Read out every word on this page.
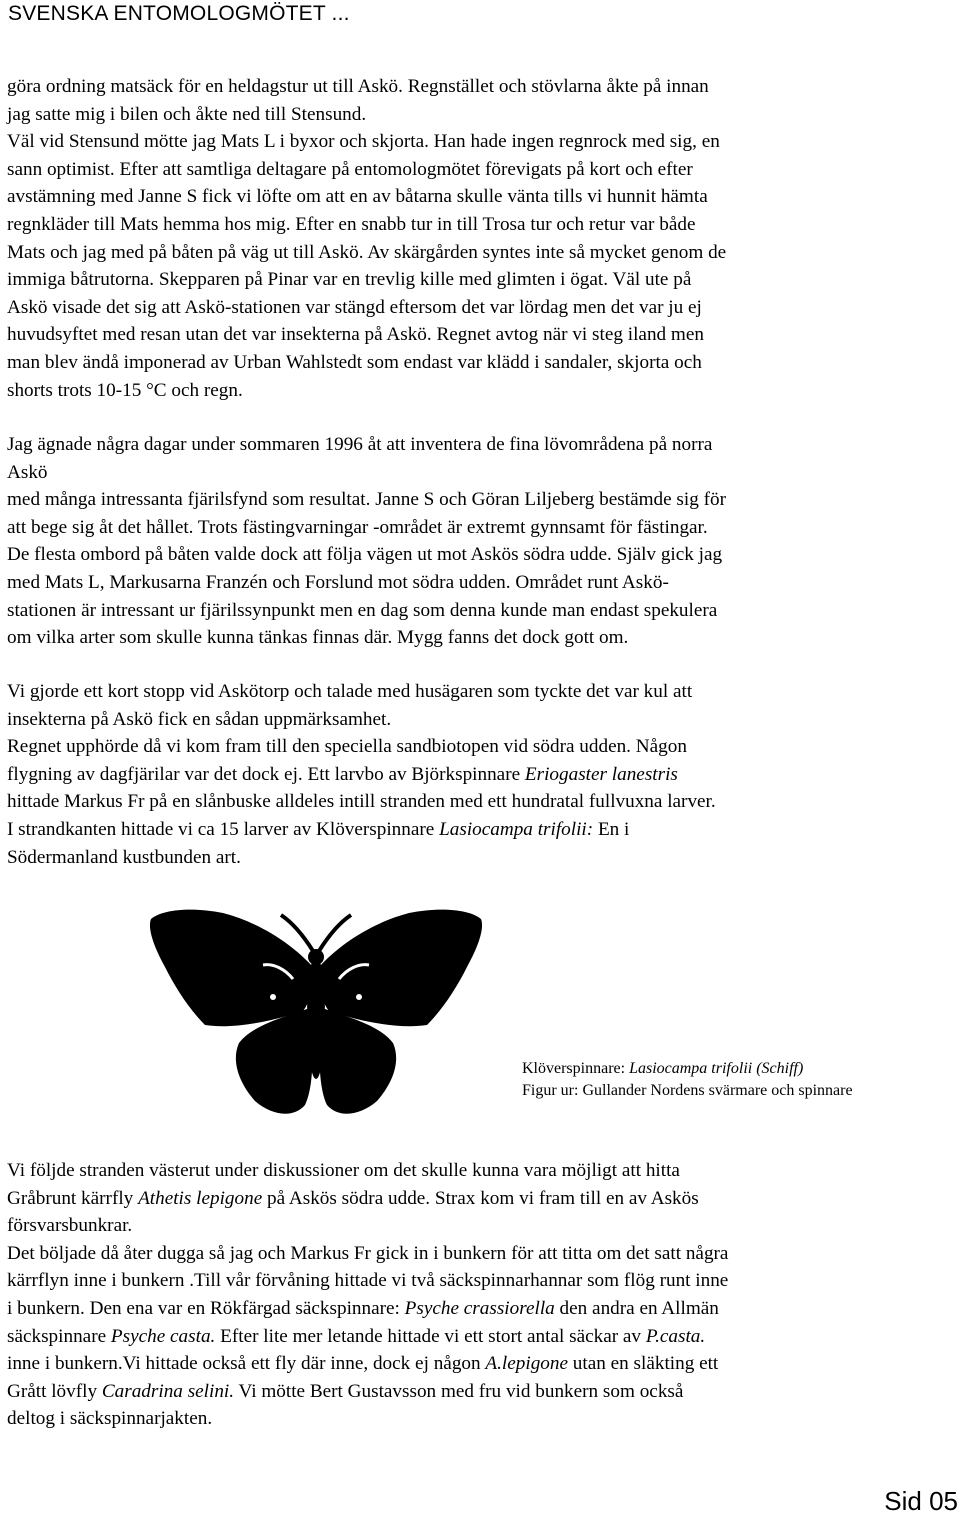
SVENSKA ENTOMOLOGMÖTET ...

göra ordning matsäck för en heldagstur ut till Askö. Regnstället och stövlarna åkte på innan

jag satte mig i bilen och åkte ned till Stensund.

Väl vid Stensund mötte jag Mats L i byxor och skjorta. Han hade ingen regnrock med sig, en

sann optimist. Efter att samtliga deltagare på entomologmötet förevigats på kort och efter

avstämning med Janne S fick vi löfte om att en av båtarna skulle vänta tills vi hunnit hämta

regnkläder till Mats hemma hos mig. Efter en snabb tur in till Trosa tur och retur var både

Mats och jag med på båten på väg ut till Askö. Av skärgården syntes inte så mycket genom de

immiga båtrutorna. Skepparen på Pinar var en trevlig kille med glimten i ögat. Väl ute på

Askö visade det sig att Askö-stationen var stängd eftersom det var lördag men det var ju ej

huvudsyftet med resan utan det var insekterna på Askö. Regnet avtog när vi steg iland men

man blev ändå imponerad av Urban Wahlstedt som endast var klädd i sandaler, skjorta och

shorts trots 10-15 °C och regn.

Jag ägnade några dagar under sommaren 1996 åt att inventera de fina lövområdena på norra

Askö

med många intressanta fjärilsfynd som resultat. Janne S och Göran Liljeberg bestämde sig för

att bege sig åt det hållet. Trots fästingvarningar -området är extremt gynnsamt för fästingar.

De flesta ombord på båten valde dock att följa vägen ut mot Askös södra udde. Själv gick jag

med Mats L, Markusarna Franzén och Forslund mot södra udden. Området runt Askö-

stationen är intressant ur fjärilssynpunkt men en dag som denna kunde man endast spekulera

om vilka arter som skulle kunna tänkas finnas där. Mygg fanns det dock gott om.

Vi gjorde ett kort stopp vid Askötorp och talade med husägaren som tyckte det var kul att

insekterna på Askö fick en sådan uppmärksamhet.

Regnet upphörde då vi kom fram till den speciella sandbiotopen vid södra udden. Någon

flygning av dagfjärilar var det dock ej. Ett larvbo av Björkspinnare Eriogaster lanestris

hittade Markus Fr på en slånbuske alldeles intill stranden med ett hundratal fullvuxna larver.

I strandkanten hittade vi ca 15 larver av Klöverspinnare Lasiocampa trifolii: En i

Södermanland kustbunden art.

Klöverspinnare: Lasiocampa trifolii (Schiff)
Figur ur: Gullander Nordens svärmare och spinnare

Vi följde stranden västerut under diskussioner om det skulle kunna vara möjligt att hitta

Gråbrunt kärrfly Athetis lepigone på Askös södra udde. Strax kom vi fram till en av Askös

försvarsbunkrar.

Det böljade då åter dugga så jag och Markus Fr gick in i bunkern för att titta om det satt några

kärrflyn inne i bunkern .Till vår förvåning hittade vi två säckspinnarhannar som flög runt inne

i bunkern. Den ena var en Rökfärgad säckspinnare: Psyche crassiorella den andra en Allmän

säckspinnare Psyche casta. Efter lite mer letande hittade vi ett stort antal säckar av P.casta.

inne i bunkern.Vi hittade också ett fly där inne, dock ej någon A.lepigone utan en släkting ett

Grått lövfly Caradrina selini. Vi mötte Bert Gustavsson med fru vid bunkern som också

deltog i säckspinnarjakten.

Sid 05
